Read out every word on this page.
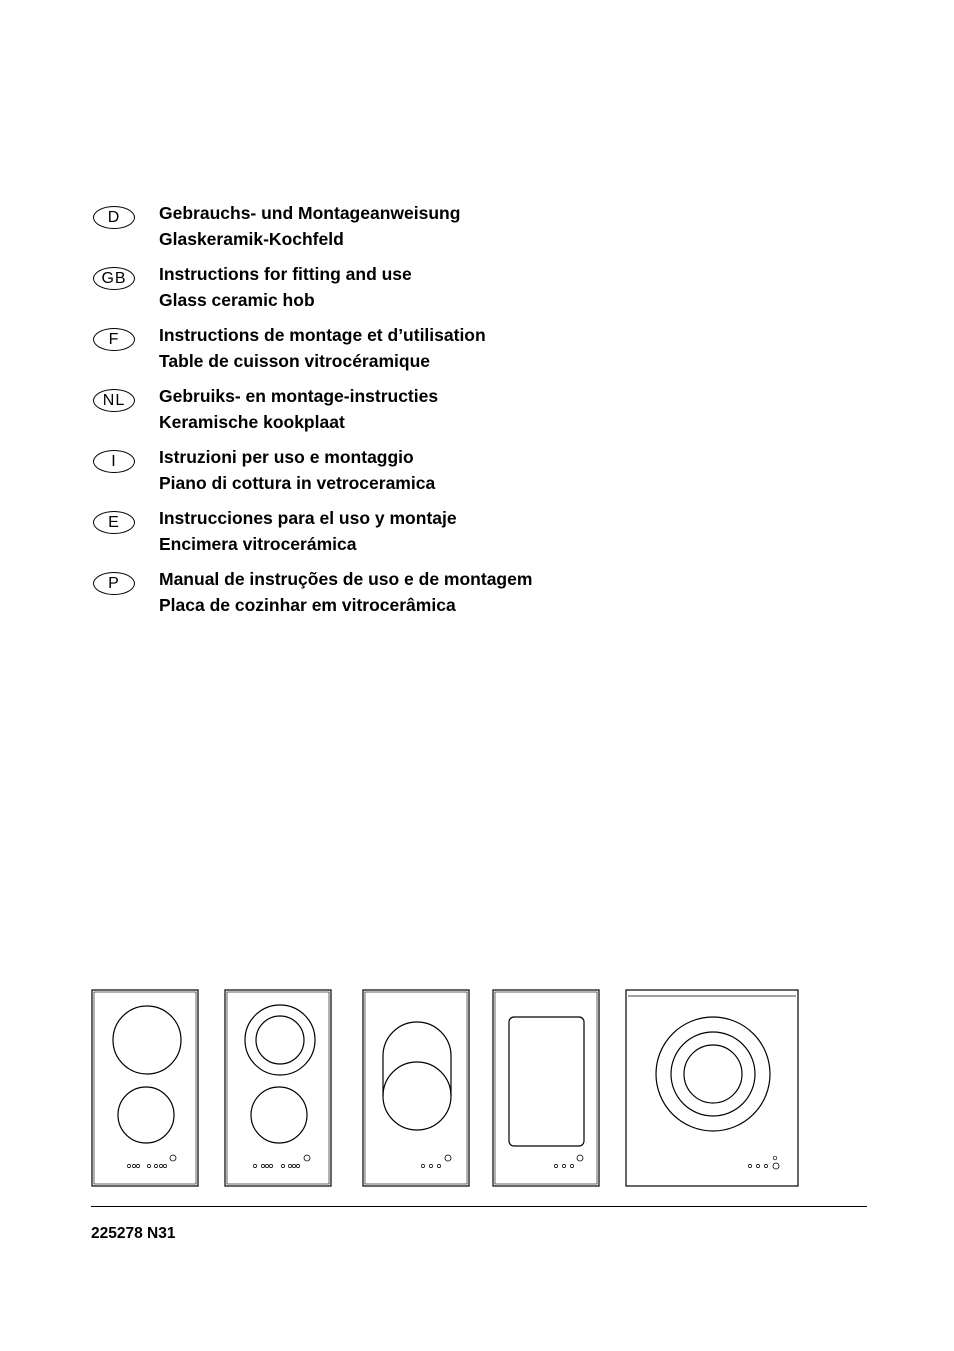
D	Gebrauchs- und Montageanweisung
Glaskeramik-Kochfeld
GB	Instructions for fitting and use
Glass ceramic hob
F	Instructions de montage et d’utilisation
Table de cuisson vitrocéramique
NL	Gebruiks- en montage-instructies
Keramische kookplaat
I	Istruzioni per uso e montaggio
Piano di cottura in vetroceramica
E	Instrucciones para el uso y montaje
Encimera vitrocerámica
P	Manual de instruções de uso e de montagem
Placa de cozinhar em vitrocerâmica
225278 N31
